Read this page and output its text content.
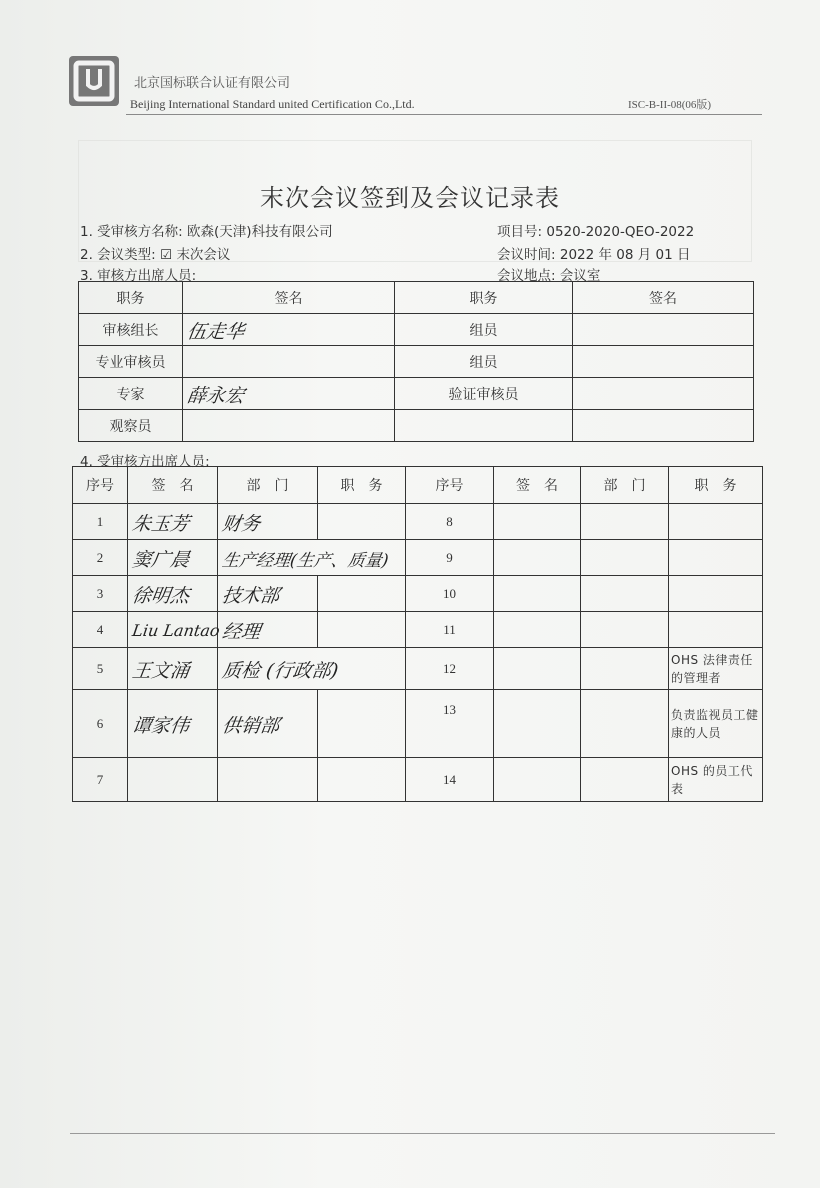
北京国标联合认证有限公司
Beijing International Standard united Certification Co.,Ltd.	ISC-B-II-08(06版)
末次会议签到及会议记录表
1. 受审核方名称: 欧森(天津)科技有限公司	项目号: 0520-2020-QEO-2022
2. 会议类型: ☑ 末次会议	会议时间: 2022 年 08 月 01 日
3. 审核方出席人员:	会议地点: 会议室
职务	签名	职务	签名
审核组长	伍走华	组员	
专业审核员		组员	
专家	薛永宏	验证审核员	
观察员			
4. 受审核方出席人员:
序号	签　名	部　门	职　务	序号	签　名	部　门	职　务
1	朱玉芳	财务		8			
2	窦广晨	生产经理(生产、质量)		9			
3	徐明杰	技术部		10			
4	Liu Lantao	经理		11			
5	王文涌	质检 (行政部)		12			OHS 法律责任的管理者
6	谭家伟	供销部		13			负责监视员工健康的人员
7				14			OHS 的员工代表
